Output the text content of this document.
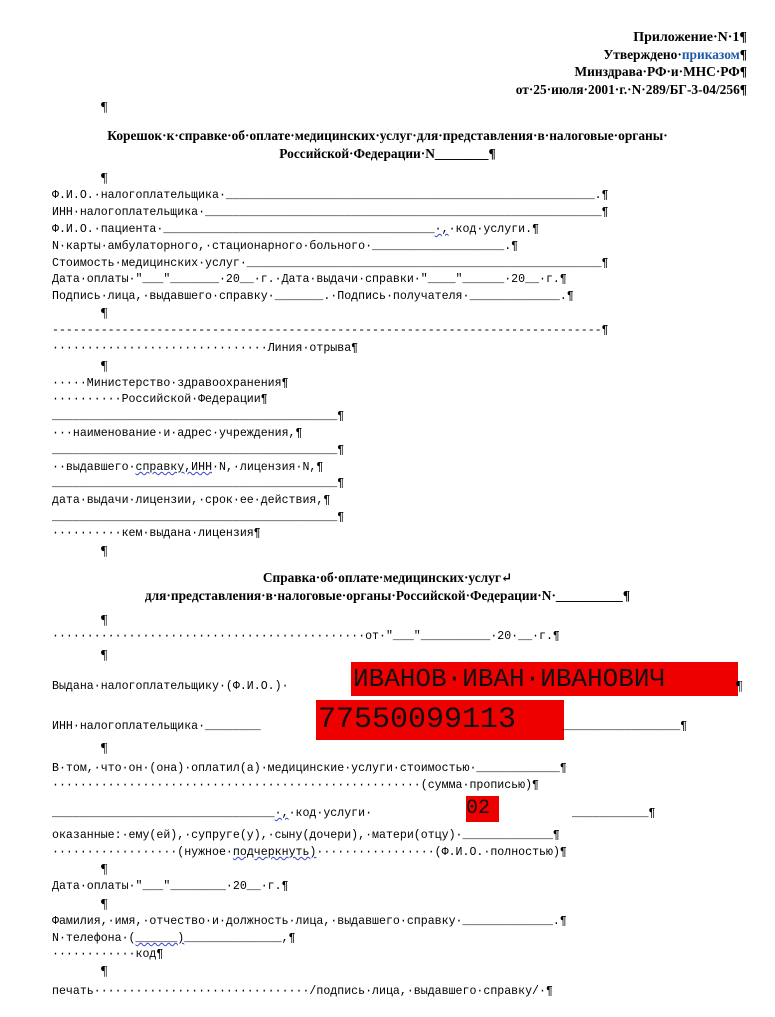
Приложение·N·1¶
Утверждено·приказом¶
Минздрава·РФ·и·МНС·РФ¶
от·25·июля·2001·г.·N·289/БГ-3-04/256¶
¶
Корешок·к·справке·об·оплате·медицинских·услуг·для·представления·в·налоговые·органы·
Российской·Федерации·N________¶
¶
Ф.И.О.·налогоплательщика·_____________________________________________________.¶
ИНН·налогоплательщика·_________________________________________________________¶
Ф.И.О.·пациента·_______________________________________·,·код·услуги.¶
N·карты·амбулаторного,·стационарного·больного·___________________.¶
Стоимость·медицинских·услуг·___________________________________________________¶
Дата·оплаты·"___"_______·20__·г.·Дата·выдачи·справки·"____"______·20__·г.¶
Подпись·лица,·выдавшего·справку·_______.·Подпись·получателя·_____________.¶
¶
-------------------------------------------------------------------------------¶
·······························Линия·отрыва¶
¶
·····Министерство·здравоохранения¶
··········Российской·Федерации¶
_________________________________________¶
···наименование·и·адрес·учреждения,¶
_________________________________________¶
··выдавшего·справку,ИНН·N,·лицензия·N,¶
_________________________________________¶
дата·выдачи·лицензии,·срок·ее·действия,¶
_________________________________________¶
··········кем·выдана·лицензия¶
¶
Справка·об·оплате·медицинских·услуг↵
для·представления·в·налоговые·органы·Российской·Федерации·N·__________¶
¶
·············································от·"___"__________·20·__·г.¶
¶
Выдана·налогоплательщику·(Ф.И.О.)· ИВАНОВ·ИВАН·ИВАНОВИЧ	¶
ИНН·налогоплательщика·________ 77550099113	_________________¶
¶
В·том,·что·он·(она)·оплатил(а)·медицинские·услуги·стоимостью·____________¶
·····················································(сумма·прописью)¶
________________________________·,·код·услуги·	02	___________¶
оказанные:·ему(ей),·супруге(у),·сыну(дочери),·матери(отцу)·_____________¶
··················(нужное·подчеркнуть)·················(Ф.И.О.·полностью)¶
¶
Дата·оплаты·"___"________·20__·г.¶
¶
Фамилия,·имя,·отчество·и·должность·лица,·выдавшего·справку·_____________.¶
N·телефона·(______)______________,¶
············код¶
¶
печать·······························/подпись·лица,·выдавшего·справку/·¶
